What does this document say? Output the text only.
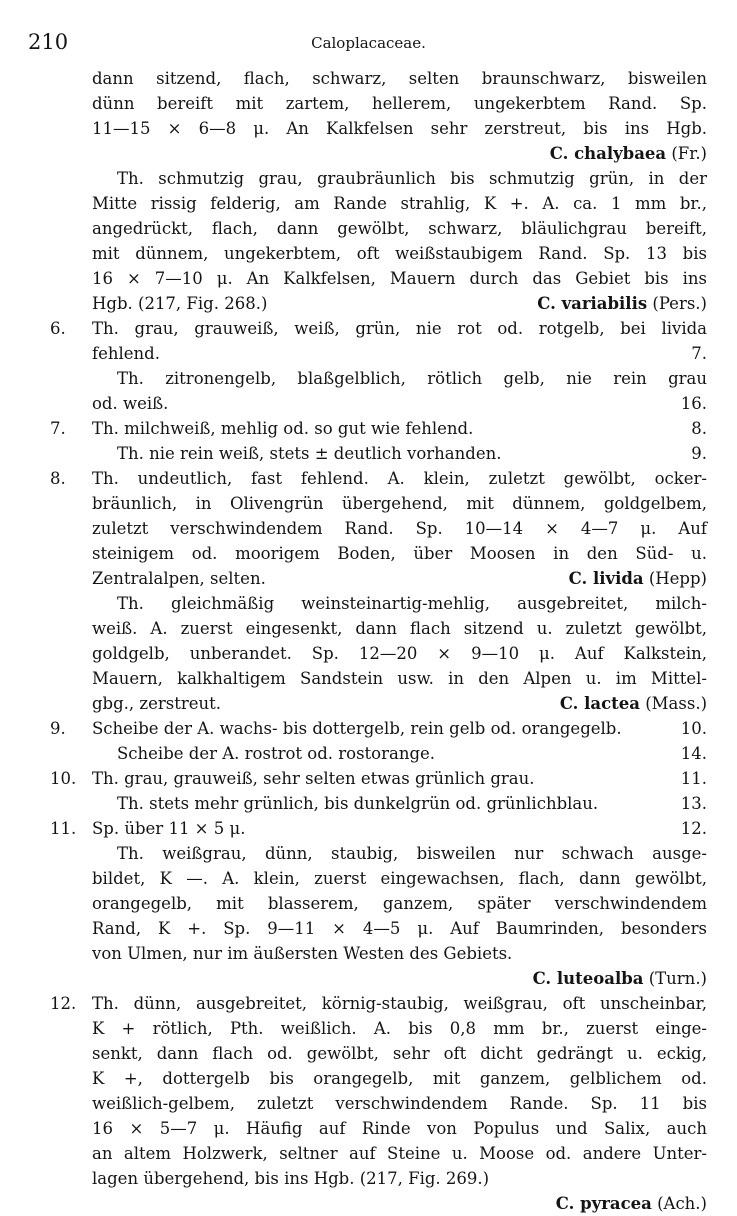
210	Caloplacaceae.
dann sitzend, flach, schwarz, selten braunschwarz, bisweilen
dünn bereift mit zartem, hellerem, ungekerbtem Rand. Sp.
11—15 × 6—8 μ. An Kalkfelsen sehr zerstreut, bis ins Hgb.
C. chalybaea (Fr.)
Th. schmutzig grau, graubräunlich bis schmutzig grün, in der
Mitte rissig felderig, am Rande strahlig, K +. A. ca. 1 mm br.,
angedrückt, flach, dann gewölbt, schwarz, bläulichgrau bereift,
mit dünnem, ungekerbtem, oft weißstaubigem Rand. Sp. 13 bis
16 × 7—10 μ. An Kalkfelsen, Mauern durch das Gebiet bis ins
Hgb. (217, Fig. 268.)	C. variabilis (Pers.)
6. Th. grau, grauweiß, weiß, grün, nie rot od. rotgelb, bei livida
fehlend.	7.
Th. zitronengelb, blaßgelblich, rötlich gelb, nie rein grau
od. weiß.	16.
7. Th. milchweiß, mehlig od. so gut wie fehlend.	8.
Th. nie rein weiß, stets ± deutlich vorhanden.	9.
8. Th. undeutlich, fast fehlend. A. klein, zuletzt gewölbt, ocker-
bräunlich, in Olivengrün übergehend, mit dünnem, goldgelbem,
zuletzt verschwindendem Rand. Sp. 10—14 × 4—7 μ. Auf
steinigem od. moorigem Boden, über Moosen in den Süd- u.
Zentralalpen, selten.	C. livida (Hepp)
Th. gleichmäßig weinsteinartig-mehlig, ausgebreitet, milch-
weiß. A. zuerst eingesenkt, dann flach sitzend u. zuletzt gewölbt,
goldgelb, unberandet. Sp. 12—20 × 9—10 μ. Auf Kalkstein,
Mauern, kalkhaltigem Sandstein usw. in den Alpen u. im Mittel-
gbg., zerstreut.	C. lactea (Mass.)
9. Scheibe der A. wachs- bis dottergelb, rein gelb od. orangegelb.	10.
Scheibe der A. rostrot od. rostorange.	14.
10. Th. grau, grauweiß, sehr selten etwas grünlich grau.	11.
Th. stets mehr grünlich, bis dunkelgrün od. grünlichblau.	13.
11. Sp. über 11 × 5 μ.	12.
Th. weißgrau, dünn, staubig, bisweilen nur schwach ausge-
bildet, K —. A. klein, zuerst eingewachsen, flach, dann gewölbt,
orangegelb, mit blasserem, ganzem, später verschwindendem
Rand, K +. Sp. 9—11 × 4—5 μ. Auf Baumrinden, besonders
von Ulmen, nur im äußersten Westen des Gebiets.
C. luteoalba (Turn.)
12. Th. dünn, ausgebreitet, körnig-staubig, weißgrau, oft unscheinbar,
K + rötlich, Pth. weißlich. A. bis 0,8 mm br., zuerst einge-
senkt, dann flach od. gewölbt, sehr oft dicht gedrängt u. eckig,
K +, dottergelb bis orangegelb, mit ganzem, gelblichem od.
weißlich-gelbem, zuletzt verschwindendem Rande. Sp. 11 bis
16 × 5—7 μ. Häufig auf Rinde von Populus und Salix, auch
an altem Holzwerk, seltner auf Steine u. Moose od. andere Unter-
lagen übergehend, bis ins Hgb. (217, Fig. 269.)
C. pyracea (Ach.)
